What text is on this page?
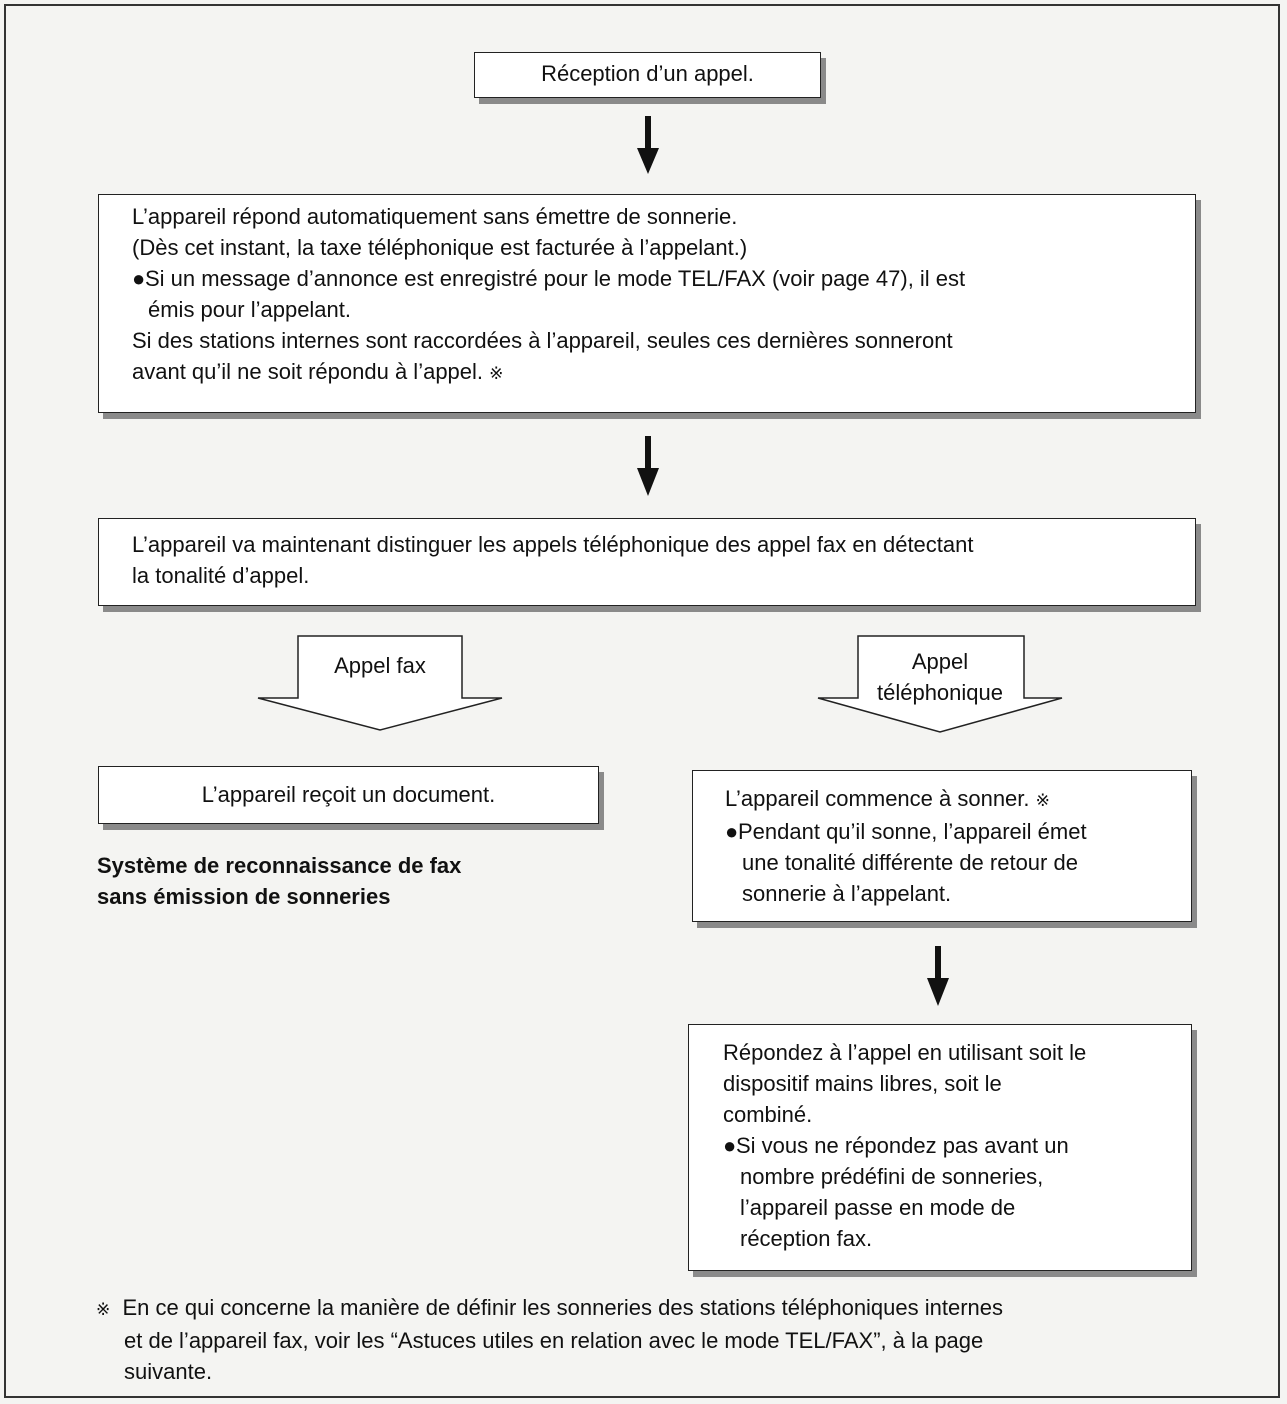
Réception d’un appel.
L’appareil répond automatiquement sans émettre de sonnerie.
(Dès cet instant, la taxe téléphonique est facturée à l’appelant.)
●Si un message d’annonce est enregistré pour le mode TEL/FAX (voir page 47), il est
émis pour l’appelant.
Si des stations internes sont raccordées à l’appareil, seules ces dernières sonneront
avant qu’il ne soit répondu à l’appel. ※
L’appareil va maintenant distinguer les appels téléphonique des appel fax en détectant
la tonalité d’appel.
Appel fax	Appel
téléphonique
L’appareil reçoit un document.
Système de reconnaissance de fax
sans émission de sonneries
L’appareil commence à sonner. ※
●Pendant qu’il sonne, l’appareil émet
une tonalité différente de retour de
sonnerie à l’appelant.
Répondez à l’appel en utilisant soit le
dispositif mains libres, soit le
combiné.
●Si vous ne répondez pas avant un
nombre prédéfini de sonneries,
l’appareil passe en mode de
réception fax.
※ En ce qui concerne la manière de définir les sonneries des stations téléphoniques internes
et de l’appareil fax, voir les “Astuces utiles en relation avec le mode TEL/FAX”, à la page
suivante.
